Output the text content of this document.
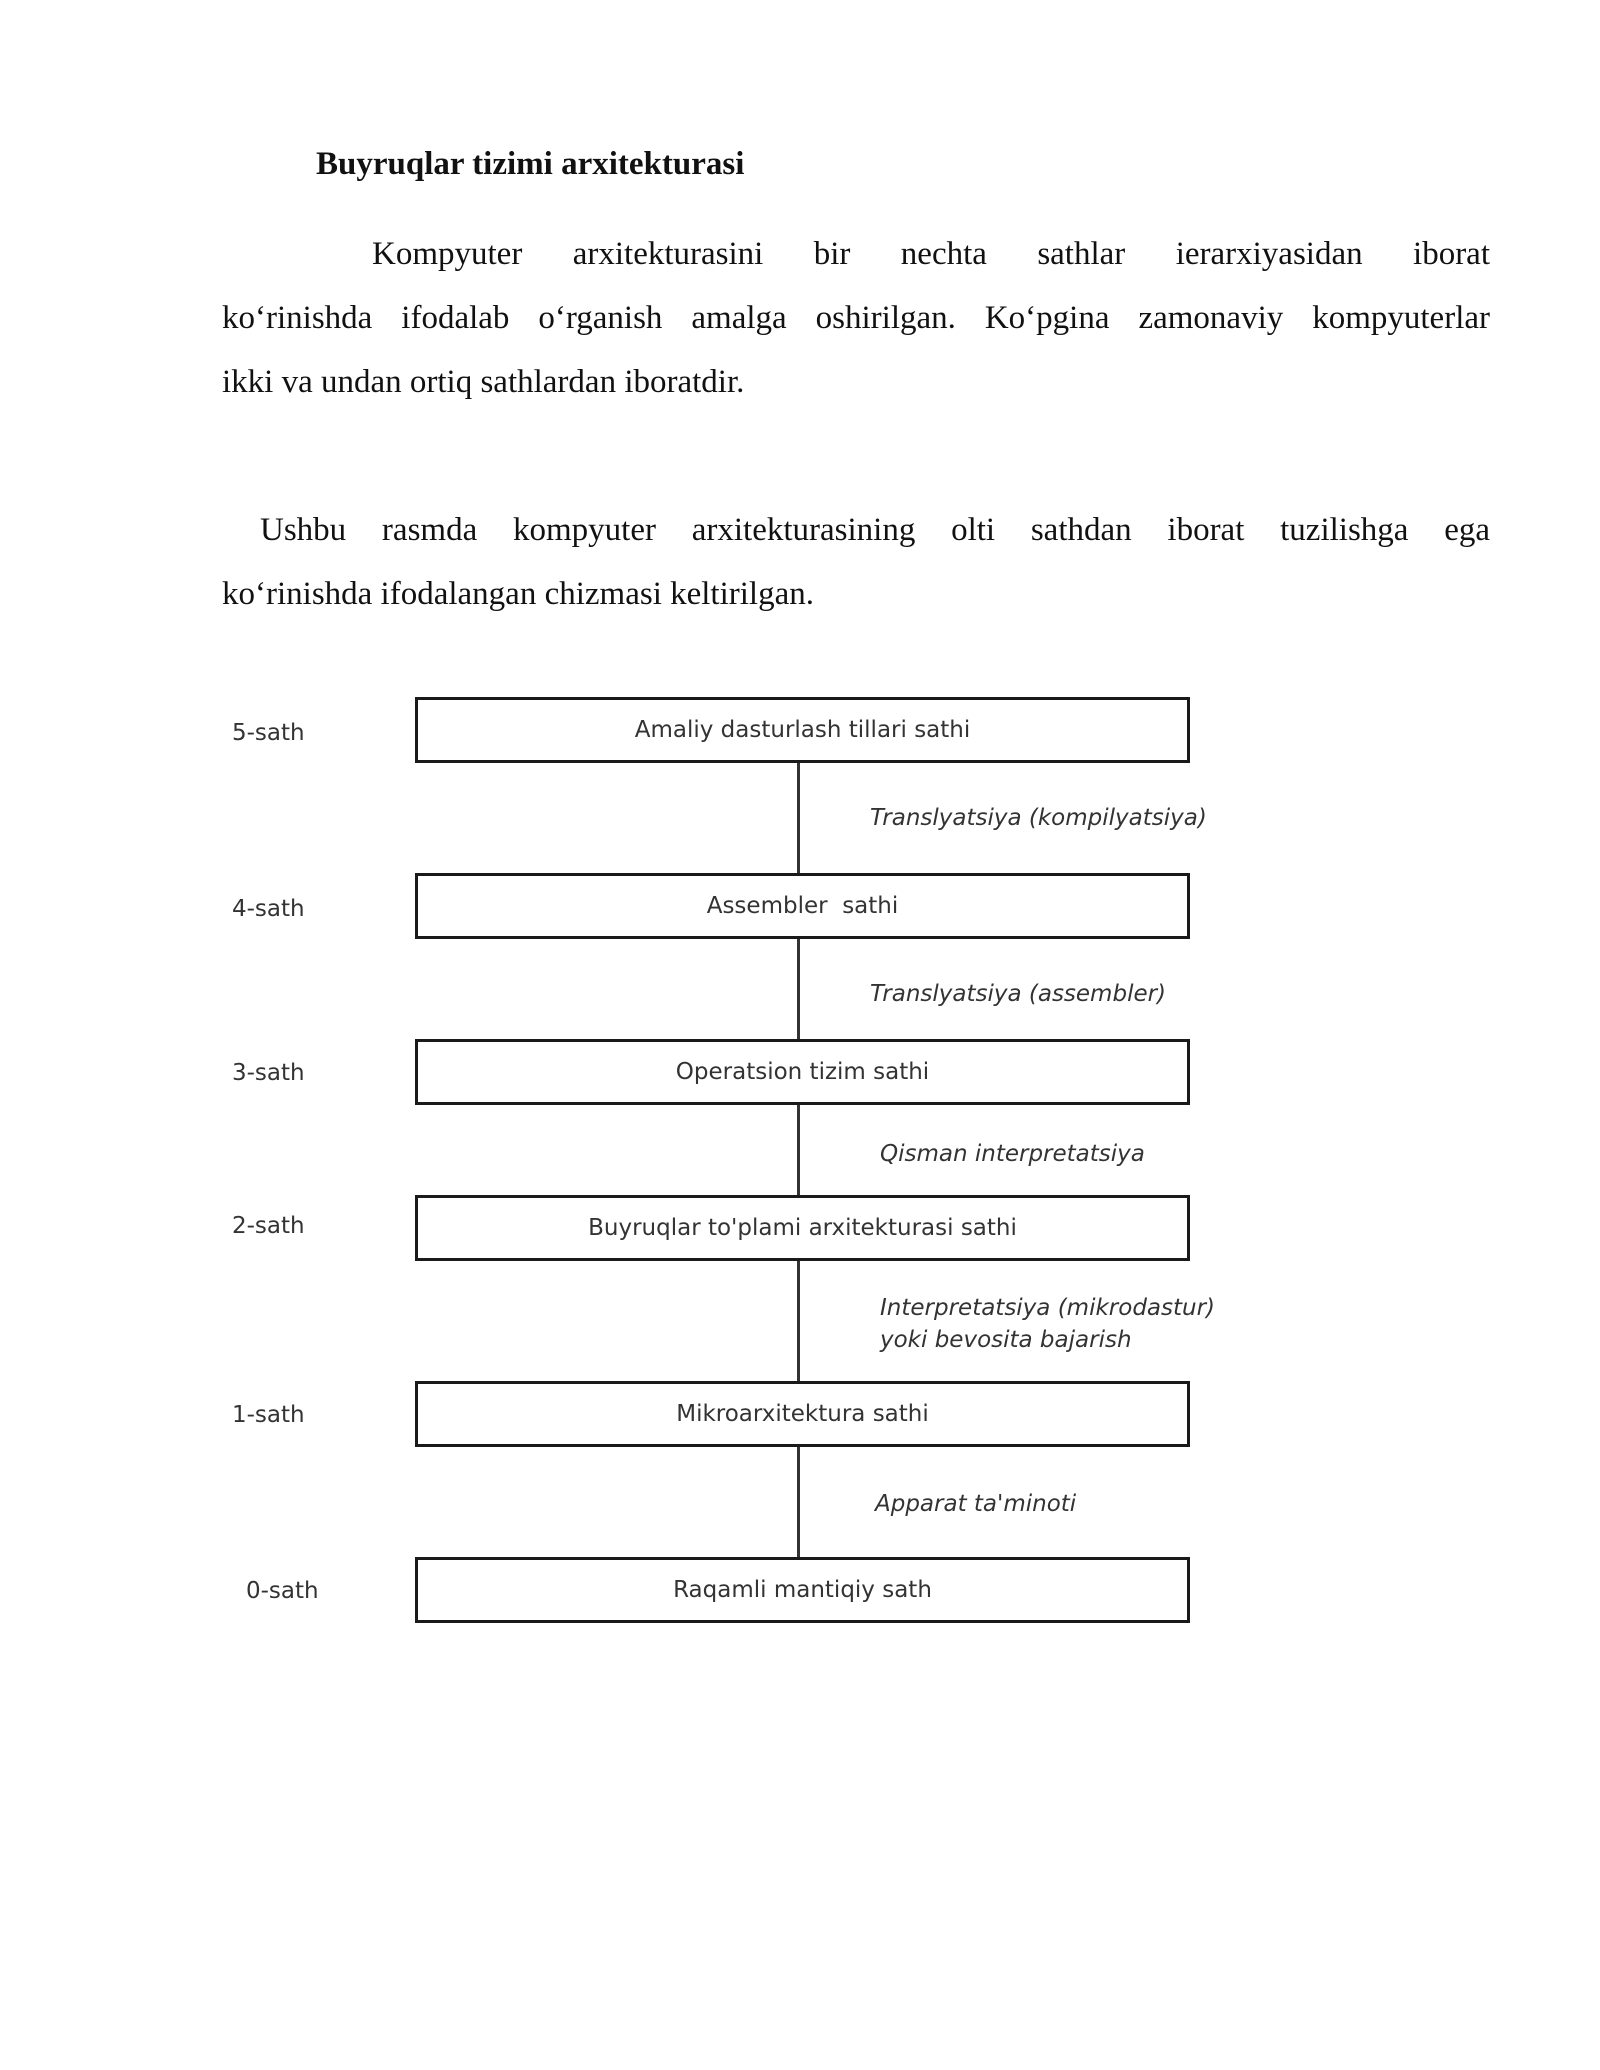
Buyruqlar tizimi arxitekturasi
Kompyuter arxitekturasini bir nechta sathlar ierarxiyasidan iborat
ko‘rinishda ifodalab o‘rganish amalga oshirilgan. Ko‘pgina zamonaviy kompyuterlar
ikki va undan ortiq sathlardan iboratdir.
Ushbu rasmda kompyuter arxitekturasining olti sathdan iborat tuzilishga ega
ko‘rinishda ifodalangan chizmasi keltirilgan.
5-sath	Amaliy dasturlash tillari sathi
Translyatsiya (kompilyatsiya)
4-sath	Assembler  sathi
Translyatsiya (assembler)
3-sath	Operatsion tizim sathi
Qisman interpretatsiya
2-sath	Buyruqlar to'plami arxitekturasi sathi
Interpretatsiya (mikrodastur)
yoki bevosita bajarish
1-sath	Mikroarxitektura sathi
Apparat ta'minoti
0-sath	Raqamli mantiqiy sath
